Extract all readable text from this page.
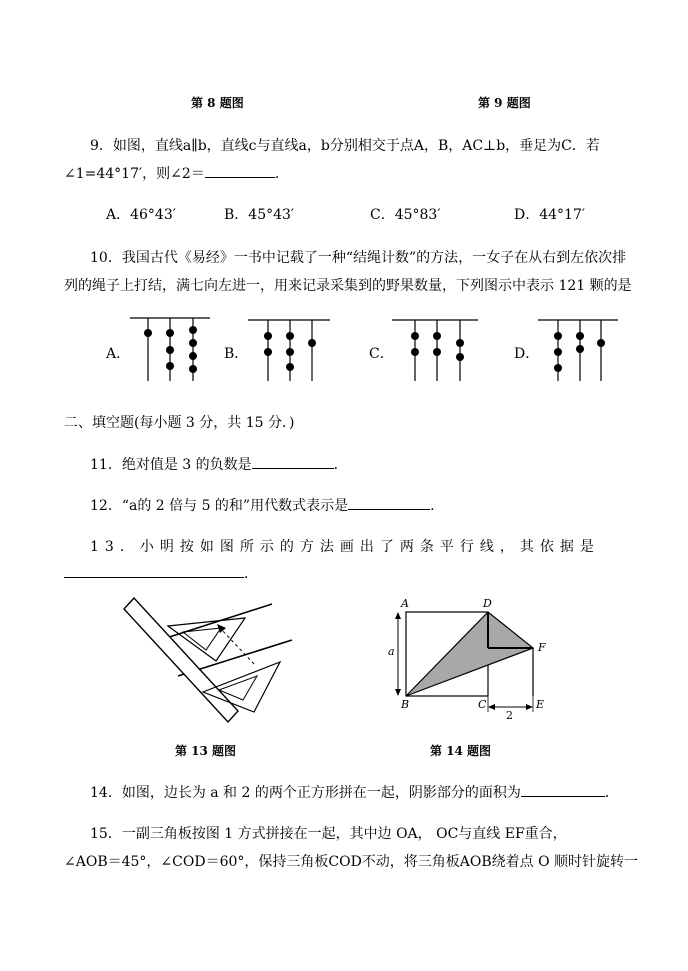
第 8 题图	第 9 题图
9．如图，直线a∥b，直线c与直线a，b分别相交于点A，B，AC⊥b，垂足为C．若
∠1=44°17′，则∠2＝	．
A．46°43′	B．45°43′	C．45°83′	D．44°17′
10．我国古代《易经》一书中记载了一种“结绳计数”的方法，一女子在从右到左依次排
列的绳子上打结，满七向左进一，用来记录采集到的野果数量，下列图示中表示 121 颗的是
A．	B．	C．	D．
二、填空题(每小题 3 分，共 15 分．)
11．绝对值是 3 的负数是	．
12．“a的 2 倍与 5 的和”用代数式表示是	．
13．小明按如图所示的方法画出了两条平行线，其依据是
．
A	D
F
a
B	C	E
2
第 13 题图	第 14 题图
14．如图，边长为 a 和 2 的两个正方形拼在一起，阴影部分的面积为	．
15．一副三角板按图 1 方式拼接在一起，其中边 OA， OC与直线 EF重合，
∠AOB＝45°，∠COD＝60°，保持三角板COD不动，将三角板AOB绕着点 O 顺时针旋转一
